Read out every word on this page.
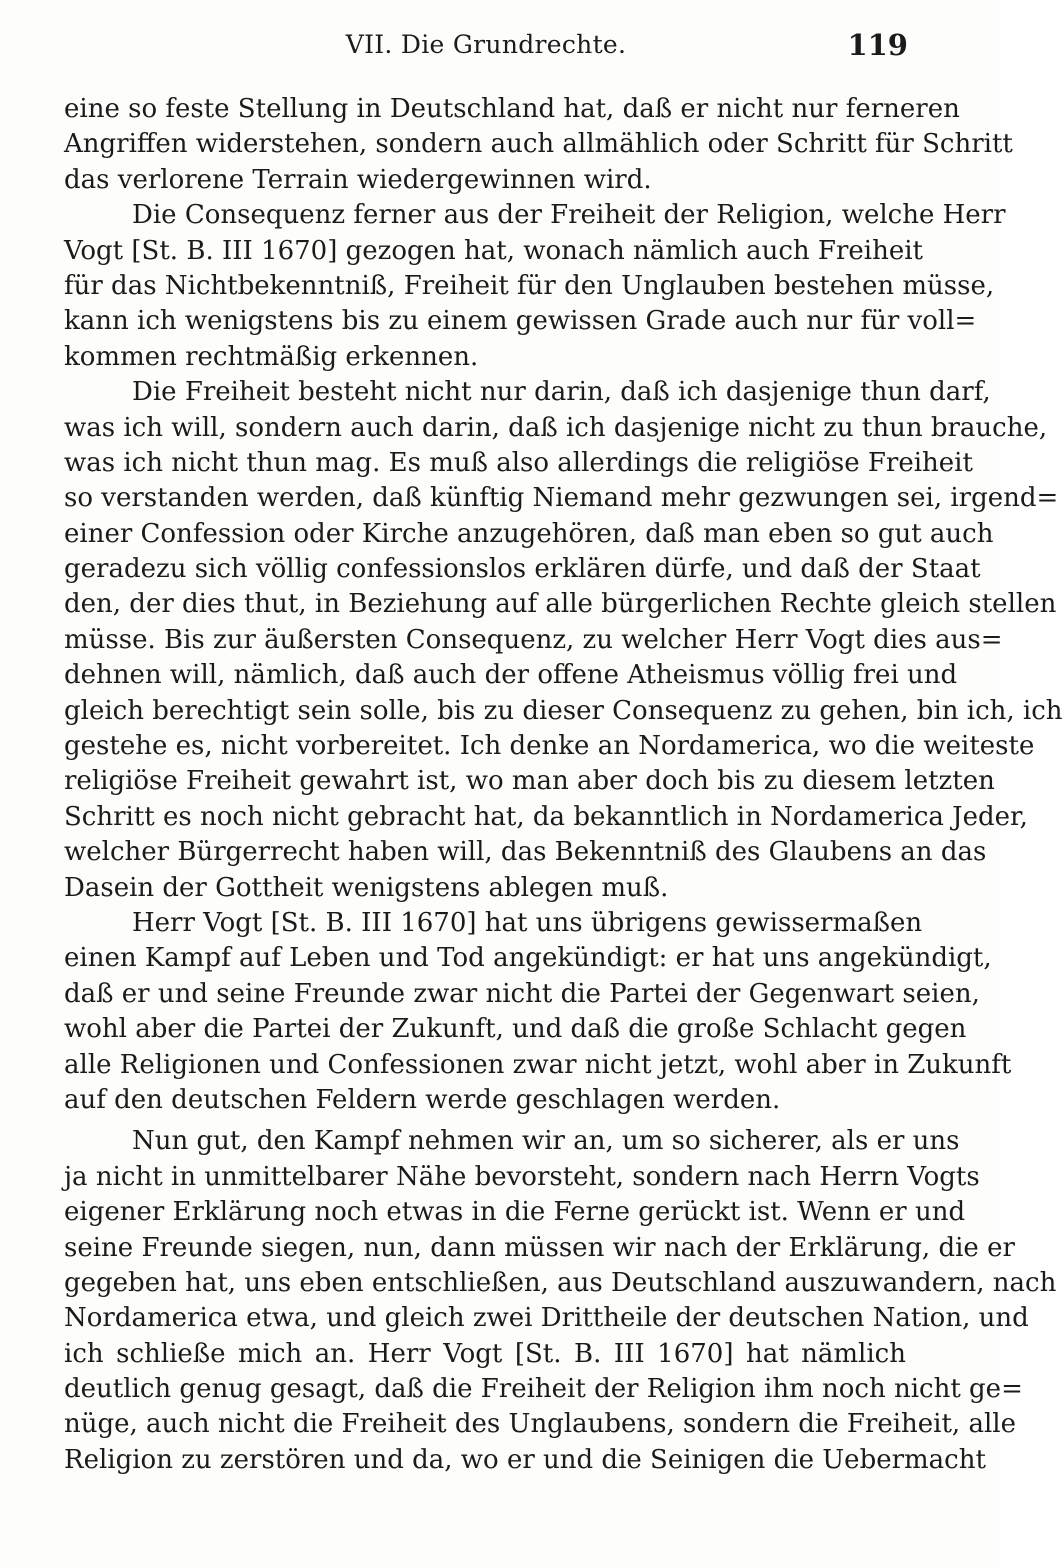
VII. Die Grundrechte.	119
eine so feste Stellung in Deutschland hat, daß er nicht nur ferneren
Angriffen widerstehen, sondern auch allmählich oder Schritt für Schritt
das verlorene Terrain wiedergewinnen wird.
Die Consequenz ferner aus der Freiheit der Religion, welche Herr
Vogt [St. B. III 1670] gezogen hat, wonach nämlich auch Freiheit
für das Nichtbekenntniß, Freiheit für den Unglauben bestehen müsse,
kann ich wenigstens bis zu einem gewissen Grade auch nur für voll=
kommen rechtmäßig erkennen.
Die Freiheit besteht nicht nur darin, daß ich dasjenige thun darf,
was ich will, sondern auch darin, daß ich dasjenige nicht zu thun brauche,
was ich nicht thun mag. Es muß also allerdings die religiöse Freiheit
so verstanden werden, daß künftig Niemand mehr gezwungen sei, irgend=
einer Confession oder Kirche anzugehören, daß man eben so gut auch
geradezu sich völlig confessionslos erklären dürfe, und daß der Staat
den, der dies thut, in Beziehung auf alle bürgerlichen Rechte gleich stellen
müsse. Bis zur äußersten Consequenz, zu welcher Herr Vogt dies aus=
dehnen will, nämlich, daß auch der offene Atheismus völlig frei und
gleich berechtigt sein solle, bis zu dieser Consequenz zu gehen, bin ich, ich
gestehe es, nicht vorbereitet. Ich denke an Nordamerica, wo die weiteste
religiöse Freiheit gewahrt ist, wo man aber doch bis zu diesem letzten
Schritt es noch nicht gebracht hat, da bekanntlich in Nordamerica Jeder,
welcher Bürgerrecht haben will, das Bekenntniß des Glaubens an das
Dasein der Gottheit wenigstens ablegen muß.
Herr Vogt [St. B. III 1670] hat uns übrigens gewissermaßen
einen Kampf auf Leben und Tod angekündigt: er hat uns angekündigt,
daß er und seine Freunde zwar nicht die Partei der Gegenwart seien,
wohl aber die Partei der Zukunft, und daß die große Schlacht gegen
alle Religionen und Confessionen zwar nicht jetzt, wohl aber in Zukunft
auf den deutschen Feldern werde geschlagen werden.
Nun gut, den Kampf nehmen wir an, um so sicherer, als er uns
ja nicht in unmittelbarer Nähe bevorsteht, sondern nach Herrn Vogts
eigener Erklärung noch etwas in die Ferne gerückt ist. Wenn er und
seine Freunde siegen, nun, dann müssen wir nach der Erklärung, die er
gegeben hat, uns eben entschließen, aus Deutschland auszuwandern, nach
Nordamerica etwa, und gleich zwei Drittheile der deutschen Nation, und
ich schließe mich an. Herr Vogt [St. B. III 1670] hat nämlich
deutlich genug gesagt, daß die Freiheit der Religion ihm noch nicht ge=
nüge, auch nicht die Freiheit des Unglaubens, sondern die Freiheit, alle
Religion zu zerstören und da, wo er und die Seinigen die Uebermacht
